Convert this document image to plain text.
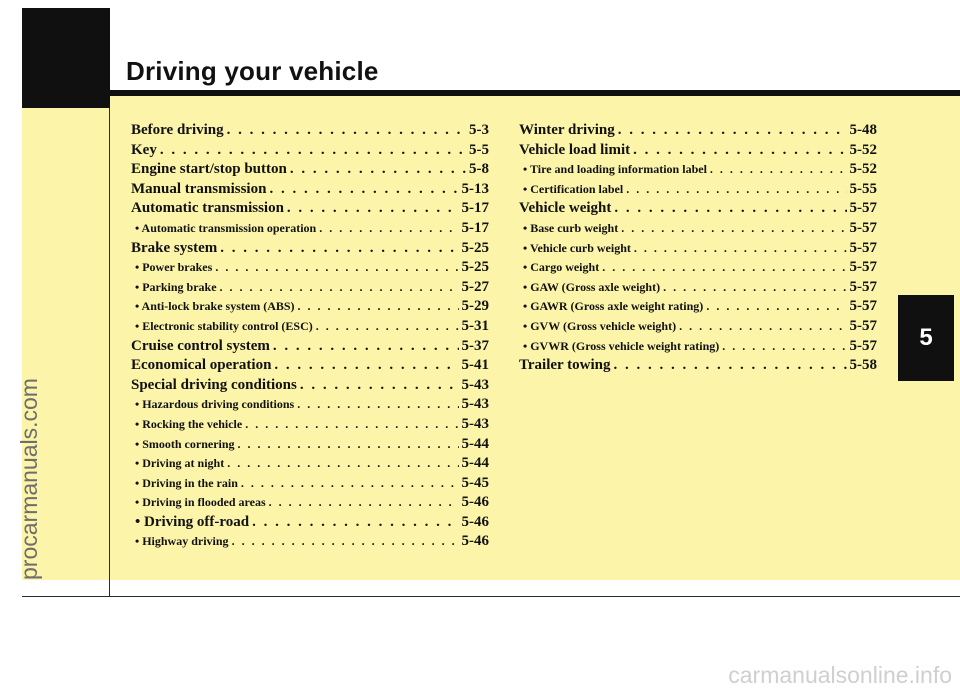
Driving your vehicle
procarmanuals.com
carmanualsonline.info
5
Before driving . . .	5-3
Key . . .	5-5
Engine start/stop button . . .	5-8
Manual transmission . . .	5-13
Automatic transmission . . .	5-17
• Automatic transmission operation . . .	5-17
Brake system . . .	5-25
• Power brakes . . .	5-25
• Parking brake . . .	5-27
• Anti-lock brake system (ABS) . . .	5-29
• Electronic stability control (ESC) . . .	5-31
Cruise control system . . .	5-37
Economical operation . . .	5-41
Special driving conditions . . .	5-43
• Hazardous driving conditions . . .	5-43
• Rocking the vehicle . . .	5-43
• Smooth cornering . . .	5-44
• Driving at night . . .	5-44
• Driving in the rain . . .	5-45
• Driving in flooded areas . . .	5-46
• Driving off-road . . .	5-46
• Highway driving . . .	5-46
Winter driving . . .	5-48
Vehicle load limit . . .	5-52
• Tire and loading information label . . .	5-52
• Certification label . . .	5-55
Vehicle weight . . .	5-57
• Base curb weight . . .	5-57
• Vehicle curb weight . . .	5-57
• Cargo weight . . .	5-57
• GAW (Gross axle weight) . . .	5-57
• GAWR (Gross axle weight rating) . . .	5-57
• GVW (Gross vehicle weight) . . .	5-57
• GVWR (Gross vehicle weight rating) . . .	5-57
Trailer towing . . .	5-58
